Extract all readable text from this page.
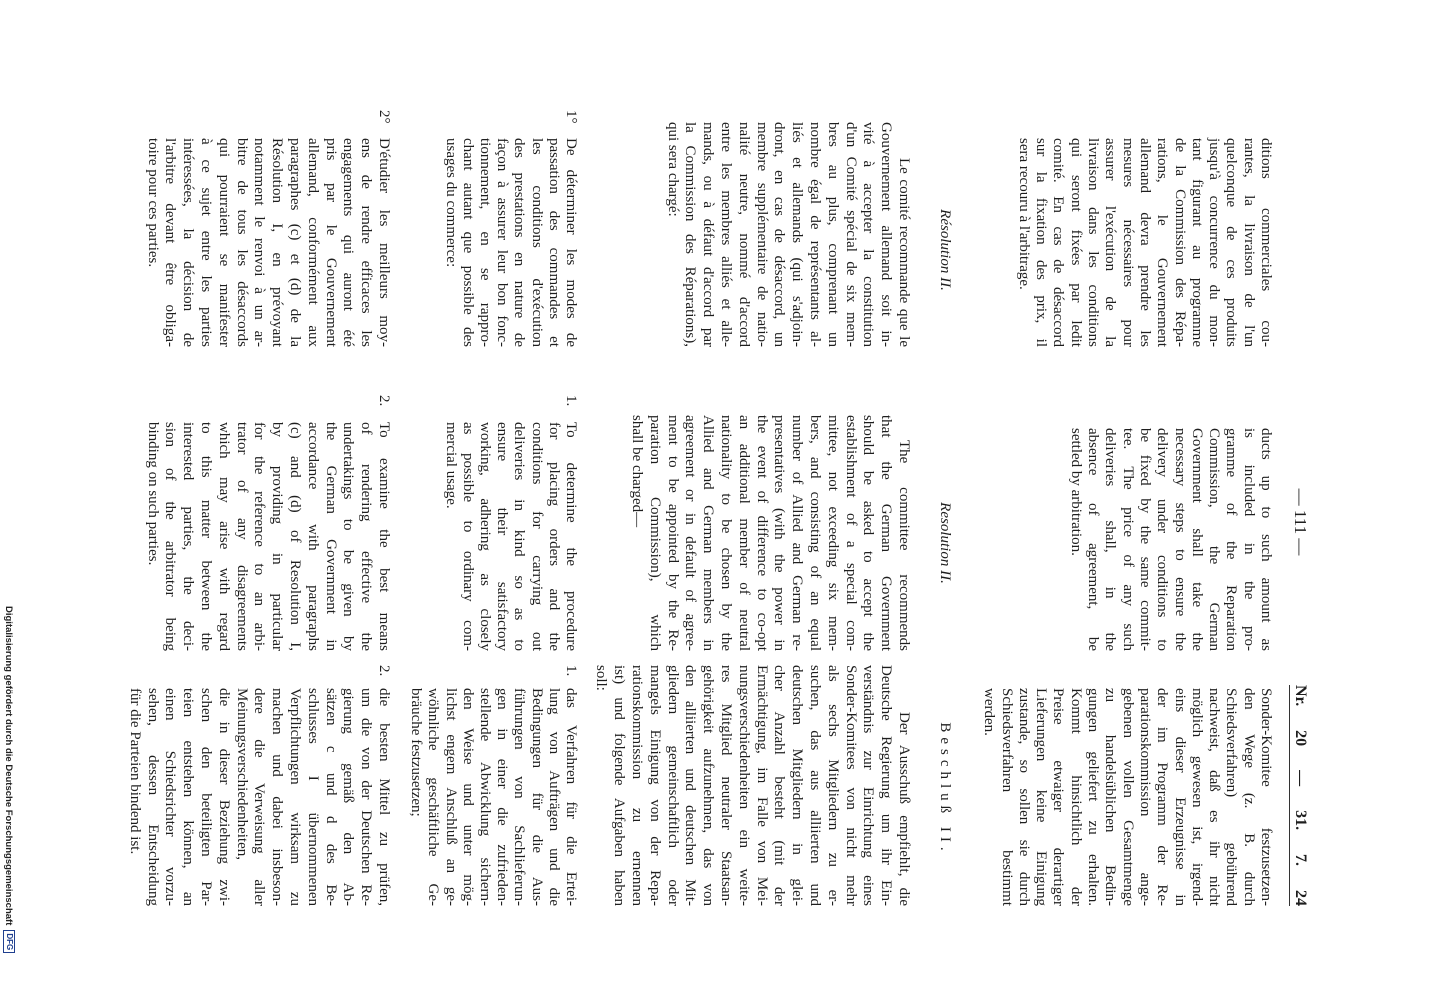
— 111 —
Nr. 20 — 31. 7. 24
ditions commerciales cou-
rantes, la livraison de l'un
quelconque de ces produits
jusqu'à concurrence du mon-
tant figurant au programme
de la Commission des Répa-
rations, le Gouvernement
allemand devra prendre les
mesures nécessaires pour
assurer l'exécution de la
livraison dans les conditions
qui seront fixées par ledit
comité. En cas de désaccord
sur la fixation des prix, il
sera recouru à l'arbitrage.
Résolution II.
Le comité recommande que le
Gouvernement allemand soit in-
vité à accepter la constitution
d'un Comité spécial de six mem-
bres au plus, comprenant un
nombre égal de représentants al-
liés et allemands (qui s'adjoin-
dront, en cas de désaccord, un
membre supplémentaire de natio-
nalité neutre, nommé d'accord
entre les membres alliés et alle-
mands, ou à défaut d'accord par
la Commission des Réparations),
qui sera chargé:
1°
De déterminer les modes de
passation des commandes et
les conditions d'exécution
des prestations en nature de
façon à assurer leur bon fonc-
tionnement, en se rappro-
chant autant que possible des
usages du commerce:
2°
D'étudier les meilleurs moy-
ens de rendre efficaces les
engagements qui auront été
pris par le Gouvernement
allemand, conformément aux
paragraphes (c) et (d) de la
Résolution I, en prévoyant
notamment le renvoi à un ar-
bitre de tous les désaccords
qui pourraient se manifester
à ce sujet entre les parties
intéressées, la décision de
l'arbitre devant être obliga-
toire pour ces parties.
ducts up to such amount as
is included in the pro-
gramme of the Reparation
Commission, the German
Government shall take the
necessary steps to ensure the
delivery under conditions to
be fixed by the same commit-
tee. The price of any such
deliveries shall, in the
absence of agreement, be
settled by arbitration.
Resolution II.
The committee recommends
that the German Government
should be asked to accept the
establishment of a special com-
mittee, not exceeding six mem-
bers, and consisting of an equal
number of Allied and German re-
presentatives (with the power in
the event of difference to co-opt
an additional member of neutral
nationality to be chosen by the
Allied and German members in
agreement or in default of agree-
ment to be appointed by the Re-
paration Commission), which
shall be charged—
1.
To determine the procedure
for placing orders and the
conditions for carrying out
deliveries in kind so as to
ensure their satisfactory
working, adhering as closely
as possible to ordinary com-
mercial usage.
2.
To examine the best means
of rendering effective the
undertakings to be given by
the German Government in
accordance with paragraphs
(c) and (d) of Resolution I,
by providing in particular
for the reference to an arbi-
trator of any disagreements
which may arise with regard
to this matter between the
interested parties, the deci-
sion of the arbitrator being
binding on such parties.
Sonder-Komitee festzusetzen-
den Wege (z. B. durch
Schiedsverfahren) gebührend
nachweist, daß es ihr nicht
möglich gewesen ist, irgend-
eins dieser Erzeugnisse in
der im Programm der Re-
parationskommission ange-
gebenen vollen Gesamtmenge
zu handelsüblichen Bedin-
gungen geliefert zu erhalten.
Kommt hinsichtlich der
Preise etwaiger derartiger
Lieferungen keine Einigung
zustande, so sollen sie durch
Schiedsverfahren bestimmt
werden.
Beschluß II.
Der Ausschuß empfiehlt, die
Deutsche Regierung um ihr Ein-
verständnis zur Einrichtung eines
Sonder-Komitees von nicht mehr
als sechs Mitgliedern zu er-
suchen, das aus alliierten und
deutschen Mitgliedern in glei-
cher Anzahl besteht (mit der
Ermächtigung, im Falle von Mei-
nungsverschiedenheiten ein weite-
res Mitglied neutraler Staatsan-
gehörigkeit aufzunehmen, das von
den alliierten und deutschen Mit-
gliedern gemeinschaftlich oder
mangels Einigung von der Repa-
rationskommission zu ernennen
ist) und folgende Aufgaben haben
soll:
1.
das Verfahren für die Ertei-
lung von Aufträgen und die
Bedingungen für die Aus-
führungen von Sachlieferun-
gen in einer die zufrieden-
stellende Abwicklung sichern-
den Weise und unter mög-
lichst engem Anschluß an ge-
wöhnliche geschäftliche Ge-
bräuche festzusetzen;
2.
die besten Mittel zu prüfen,
um die von der Deutschen Re-
gierung gemäß den Ab-
sätzen c und d des Be-
schlusses I übernommenen
Verpflichtungen wirksam zu
machen und dabei insbeson-
dere die Verweisung aller
Meinungsverschiedenheiten,
die in dieser Beziehung zwi-
schen den beteiligten Par-
teien entstehen können, an
einen Schiedsrichter vorzu-
sehen, dessen Entscheidung
für die Parteien bindend ist.
Digitalisierung gefördert durch die Deutsche ForschungsgemeinschaftDFG
